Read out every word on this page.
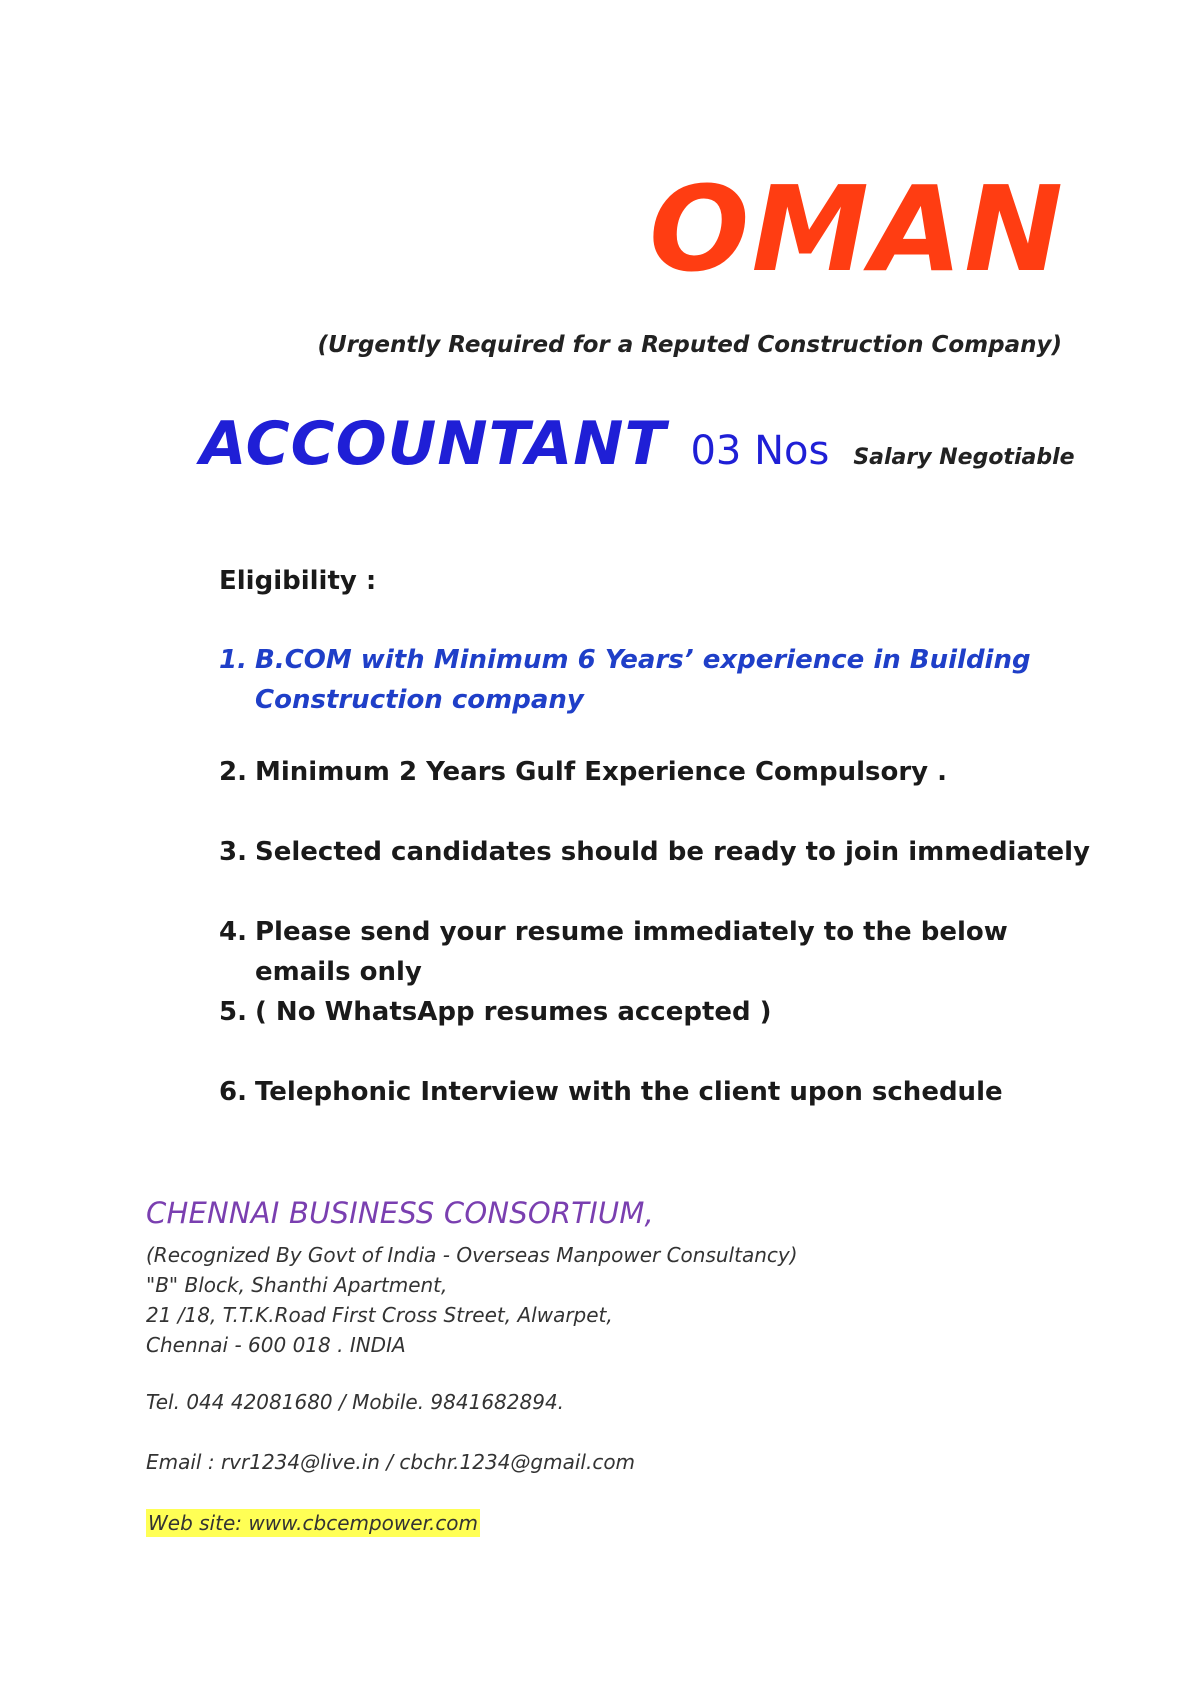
OMAN
(Urgently Required for a Reputed Construction Company)
ACCOUNTANT 03 Nos Salary Negotiable
Eligibility :
1. B.COM with Minimum 6 Years’ experience in Building Construction company
2. Minimum 2 Years Gulf Experience Compulsory .
3. Selected candidates should be ready to join immediately
4. Please send your resume immediately to the below emails only
5. ( No WhatsApp resumes accepted )
6. Telephonic Interview with the client upon schedule
CHENNAI BUSINESS CONSORTIUM,
(Recognized By Govt of India - Overseas Manpower Consultancy)
"B" Block, Shanthi Apartment,
21 /18, T.T.K.Road First Cross Street, Alwarpet,
Chennai - 600 018 . INDIA
Tel. 044 42081680 / Mobile. 9841682894.
Email : rvr1234@live.in / cbchr.1234@gmail.com
Web site: www.cbcempower.com
